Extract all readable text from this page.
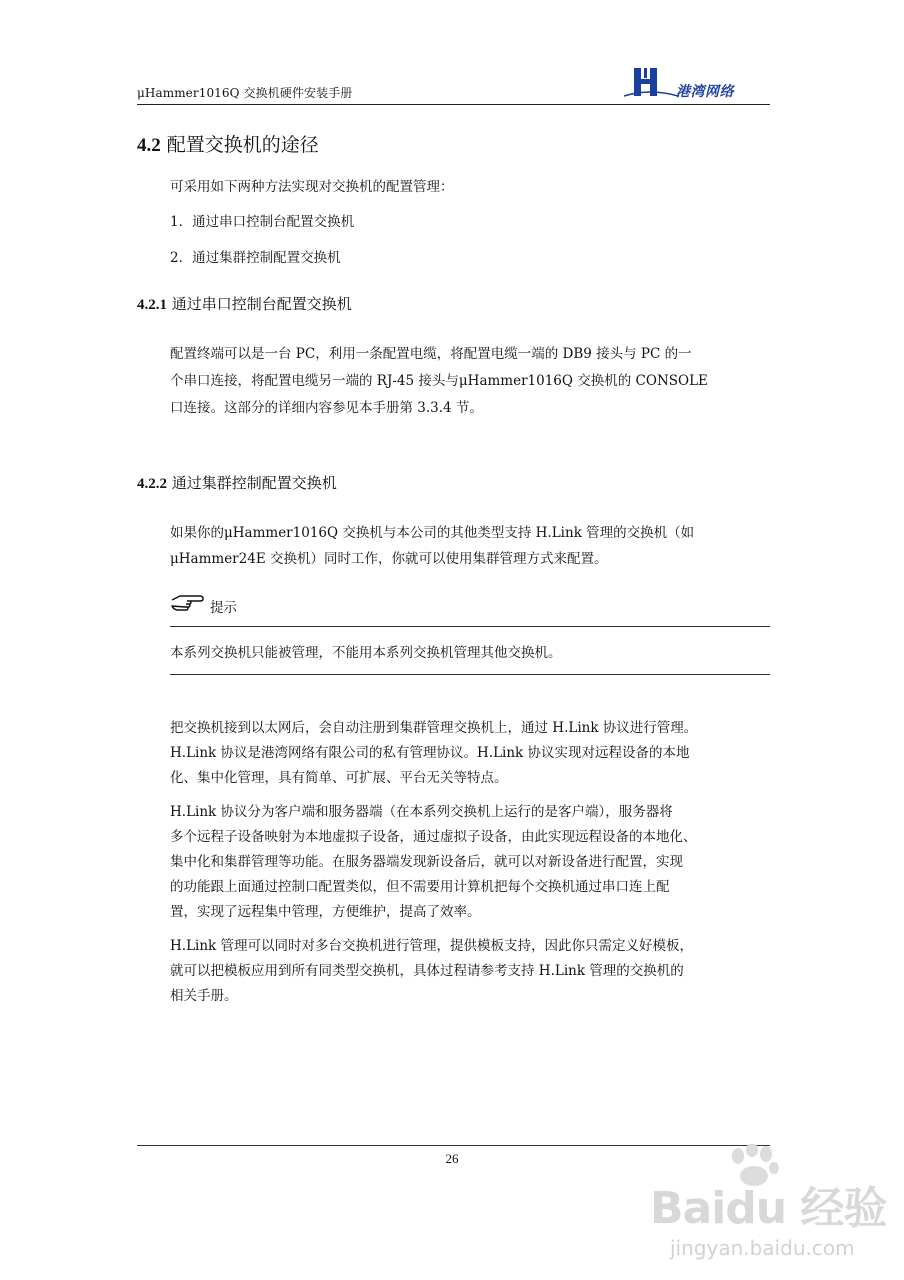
μHammer1016Q 交换机硬件安装手册	港湾网络
4.2 配置交换机的途径
可采用如下两种方法实现对交换机的配置管理：
1．通过串口控制台配置交换机
2．通过集群控制配置交换机
4.2.1 通过串口控制台配置交换机
配置终端可以是一台 PC，利用一条配置电缆，将配置电缆一端的 DB9 接头与 PC 的一
个串口连接，将配置电缆另一端的 RJ-45 接头与μHammer1016Q 交换机的 CONSOLE
口连接。这部分的详细内容参见本手册第 3.3.4 节。
4.2.2 通过集群控制配置交换机
如果你的μHammer1016Q 交换机与本公司的其他类型支持 H.Link 管理的交换机（如
μHammer24E 交换机）同时工作，你就可以使用集群管理方式来配置。
提示
本系列交换机只能被管理，不能用本系列交换机管理其他交换机。
把交换机接到以太网后，会自动注册到集群管理交换机上，通过 H.Link 协议进行管理。
H.Link 协议是港湾网络有限公司的私有管理协议。H.Link 协议实现对远程设备的本地
化、集中化管理，具有简单、可扩展、平台无关等特点。
H.Link 协议分为客户端和服务器端（在本系列交换机上运行的是客户端），服务器将
多个远程子设备映射为本地虚拟子设备，通过虚拟子设备，由此实现远程设备的本地化、
集中化和集群管理等功能。在服务器端发现新设备后，就可以对新设备进行配置，实现
的功能跟上面通过控制口配置类似，但不需要用计算机把每个交换机通过串口连上配
置，实现了远程集中管理，方便维护，提高了效率。
H.Link 管理可以同时对多台交换机进行管理，提供模板支持，因此你只需定义好模板，
就可以把模板应用到所有同类型交换机，具体过程请参考支持 H.Link 管理的交换机的
相关手册。
26
Baidu 经验
jingyan.baidu.com
